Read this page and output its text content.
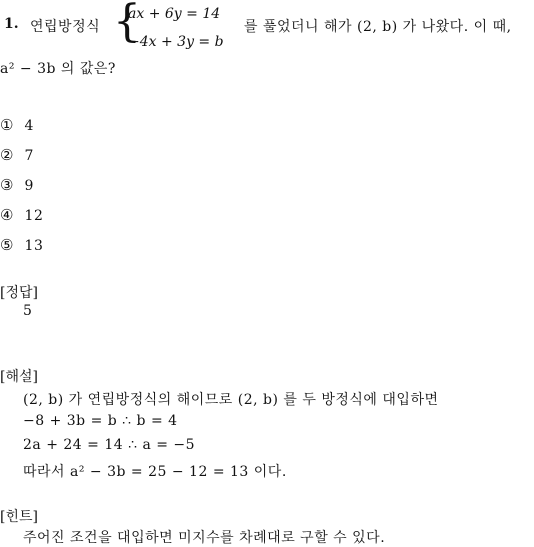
1. 연립방정식 {
ax + 6y = 14
−4x + 3y = b
를 풀었더니 해가 (2, b) 가 나왔다. 이 때,
a² − 3b 의 값은?
① 4
② 7
③ 9
④ 12
⑤ 13
[정답]
5
[해설]
(2, b) 가 연립방정식의 해이므로 (2, b) 를 두 방정식에 대입하면
−8 + 3b = b ∴ b = 4
2a + 24 = 14 ∴ a = −5
따라서 a² − 3b = 25 − 12 = 13 이다.
[힌트]
주어진 조건을 대입하면 미지수를 차례대로 구할 수 있다.
